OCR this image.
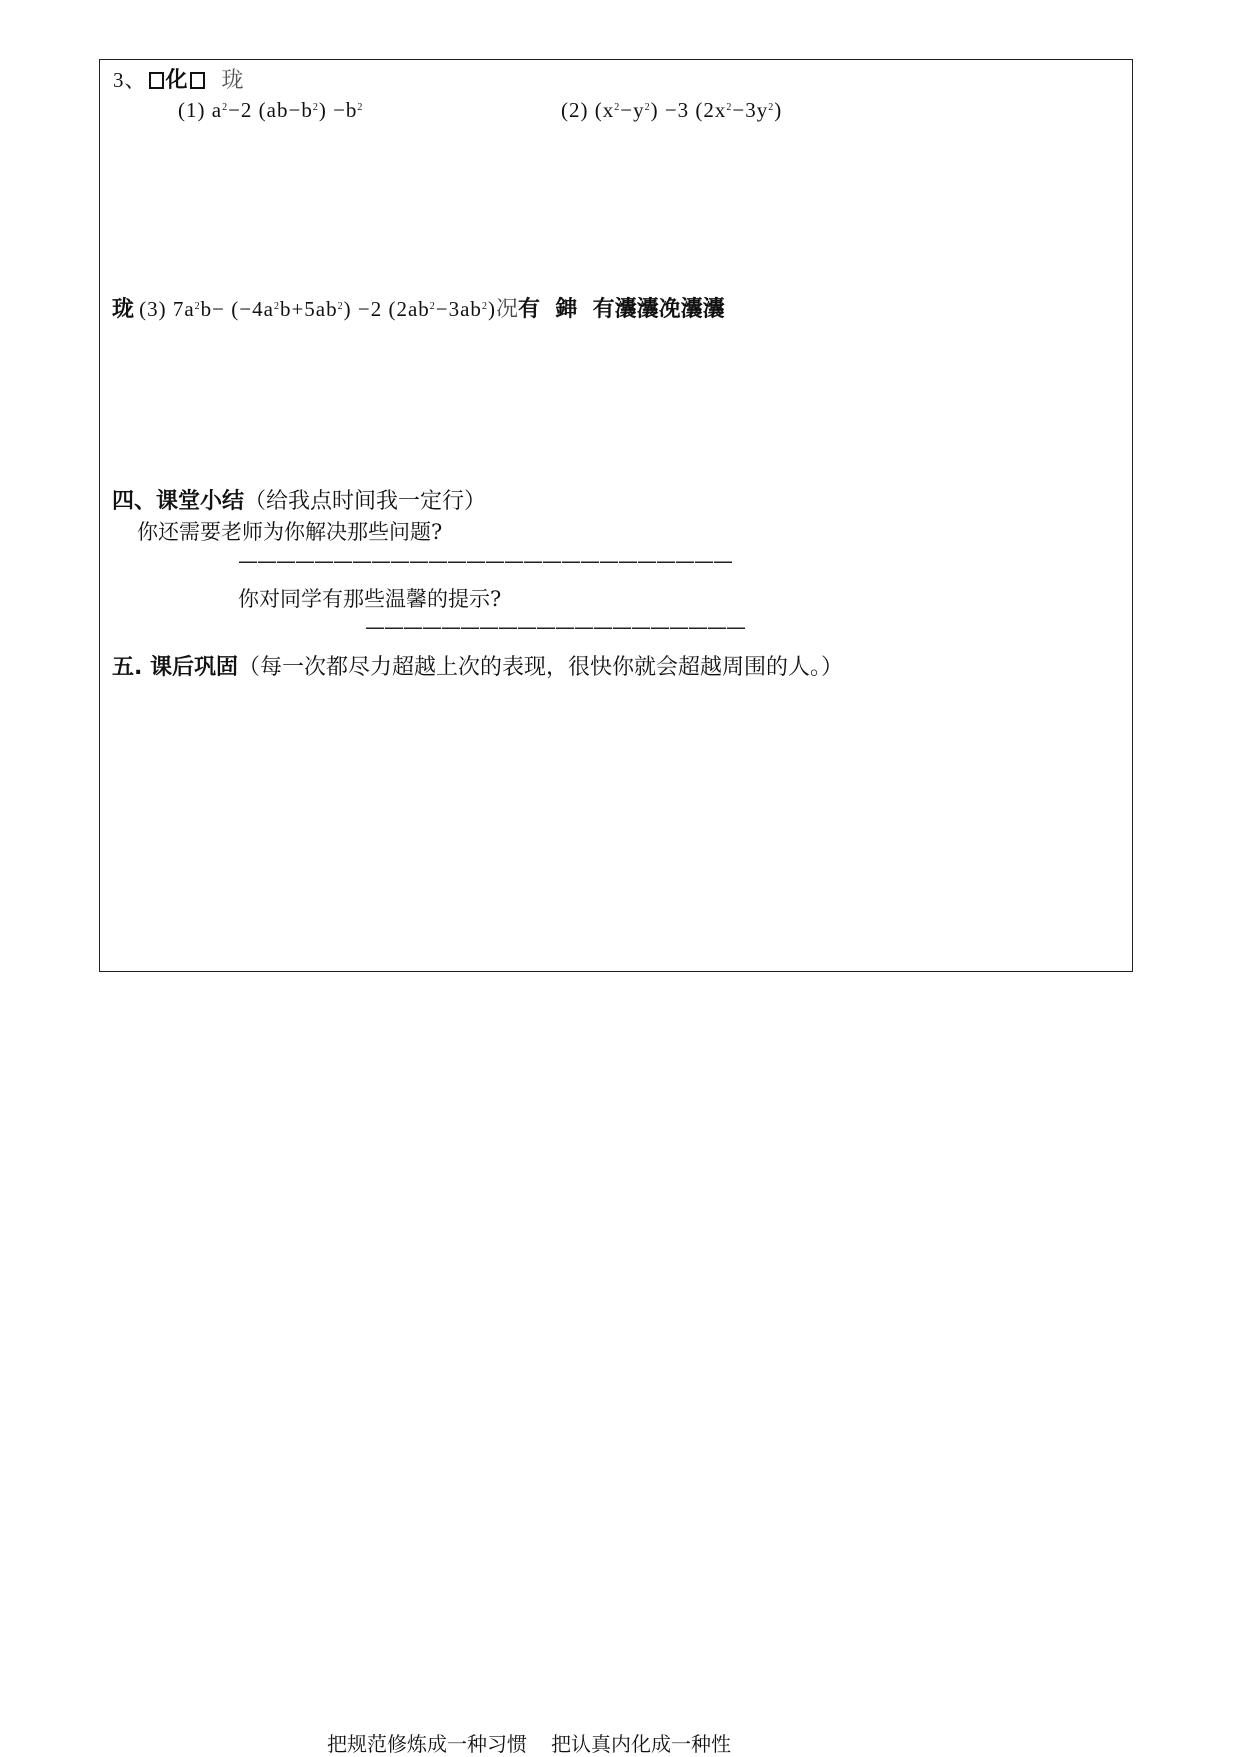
3、 化 珑
(1) $a^2-2$ $(ab-b^2) -b^2$	(2) $(x^2-y^2) -3$ $(2x^2-3y^2)$
珑 (3) $7a^2b- (-4a^2b+5ab^2) -2$ $(2ab^2-3ab^2)$况有  鋛  有灢灢凂灢灢
四、课堂小结（给我点时间我一定行）
你还需要老师为你解决那些问题?
——————————————————————————
你对同学有那些温馨的提示?
————————————————————
五. 课后巩固（每一次都尽力超越上次的表现，很快你就会超越周围的人。）
把规范修炼成一种习惯 把认真内化成一种性
